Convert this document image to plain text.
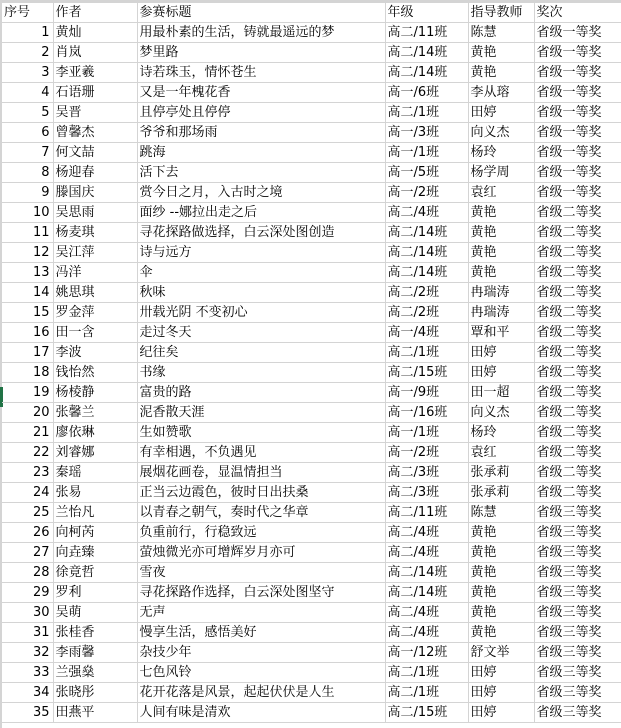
序号	作者	参赛标题	年级	指导教师	奖次
1	黄灿	用最朴素的生活，铸就最遥远的梦	高二/11班	陈慧	省级一等奖
2	肖岚	梦里路	高二/14班	黄艳	省级一等奖
3	李亚羲	诗若珠玉，情怀苍生	高二/14班	黄艳	省级一等奖
4	石语珊	又是一年槐花香	高一/6班	李从瑢	省级一等奖
5	吴晋	且停亭处且停停	高二/1班	田婷	省级一等奖
6	曾馨杰	爷爷和那场雨	高一/3班	向义杰	省级一等奖
7	何文喆	跳海	高一/1班	杨玲	省级一等奖
8	杨迎春	活下去	高一/5班	杨学周	省级一等奖
9	滕国庆	赏今日之月，入古时之境	高一/2班	袁红	省级一等奖
10	吴思雨	面纱 --娜拉出走之后	高二/4班	黄艳	省级二等奖
11	杨麦琪	寻花探路做选择，白云深处图创造	高二/14班	黄艳	省级二等奖
12	吴江萍	诗与远方	高二/14班	黄艳	省级二等奖
13	冯洋	伞	高二/14班	黄艳	省级二等奖
14	姚思琪	秋味	高二/2班	冉瑞涛	省级二等奖
15	罗金萍	卅载光阴 不变初心	高二/2班	冉瑞涛	省级二等奖
16	田一含	走过冬天	高一/4班	覃和平	省级二等奖
17	李波	纪往矣	高二/1班	田婷	省级二等奖
18	钱怡然	书缘	高二/15班	田婷	省级二等奖
19	杨棱静	富贵的路	高一/9班	田一超	省级二等奖
20	张馨兰	泥香散天涯	高一/16班	向义杰	省级二等奖
21	廖依琳	生如赞歌	高一/1班	杨玲	省级二等奖
22	刘睿娜	有幸相遇，不负遇见	高一/2班	袁红	省级二等奖
23	秦瑶	展烟花画卷，显温情担当	高二/3班	张承莉	省级二等奖
24	张易	正当云边霞色，彼时日出扶桑	高二/3班	张承莉	省级二等奖
25	兰怡凡	以青春之朝气，奏时代之华章	高二/11班	陈慧	省级三等奖
26	向柯芮	负重前行，行稳致远	高二/4班	黄艳	省级三等奖
27	向垚臻	萤烛微光亦可增辉岁月亦可	高二/4班	黄艳	省级三等奖
28	徐竟哲	雪夜	高二/14班	黄艳	省级三等奖
29	罗利	寻花探路作选择，白云深处图坚守	高二/14班	黄艳	省级三等奖
30	吴萌	无声	高二/4班	黄艳	省级三等奖
31	张桂香	慢享生活，感悟美好	高二/4班	黄艳	省级三等奖
32	李雨馨	杂技少年	高一/12班	舒文举	省级三等奖
33	兰强燊	七色风铃	高二/1班	田婷	省级三等奖
34	张晓彤	花开花落是风景，起起伏伏是人生	高二/1班	田婷	省级三等奖
35	田燕平	人间有味是清欢	高二/15班	田婷	省级三等奖
